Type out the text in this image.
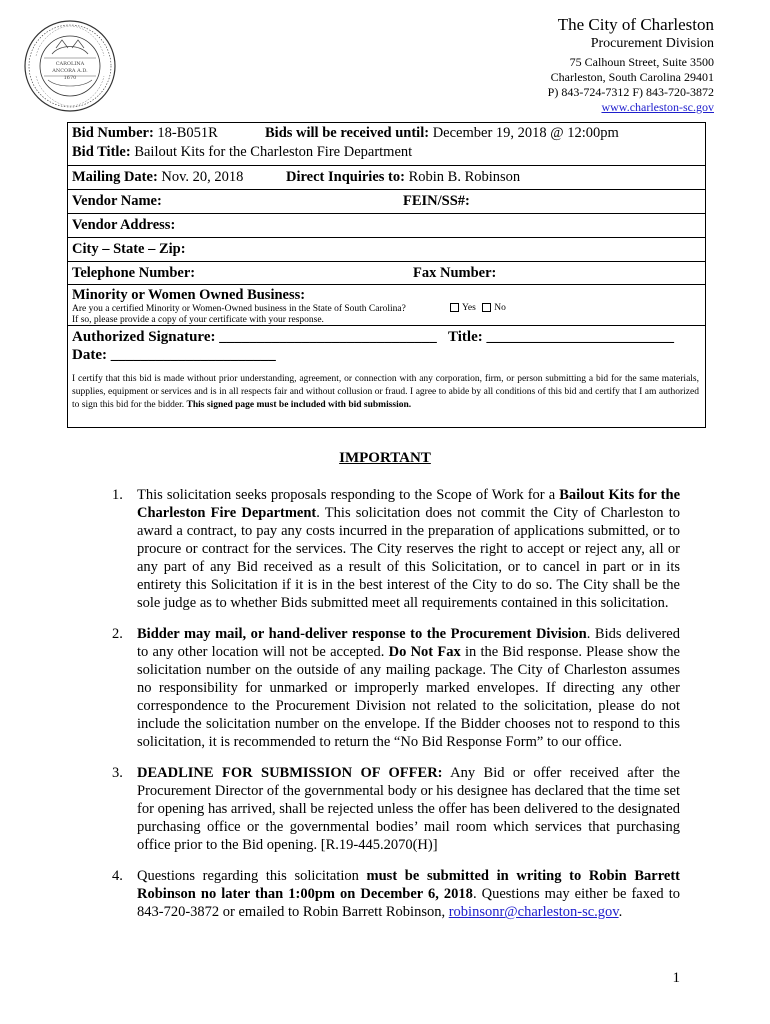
CAROLINA
ANCORA A.D.
1670
The City of Charleston
Procurement Division
75 Calhoun Street, Suite 3500
Charleston, South Carolina 29401
P) 843-724-7312 F) 843-720-3872
www.charleston-sc.gov
Bid Number: 18-B051R	Bids will be received until: December 19, 2018 @ 12:00pm
Bid Title: Bailout Kits for the Charleston Fire Department
Mailing Date: Nov. 20, 2018	Direct Inquiries to: Robin B. Robinson
Vendor Name:	FEIN/SS#:
Vendor Address:
City – State – Zip:
Telephone Number:	Fax Number:
Minority or Women Owned Business:
Are you a certified Minority or Women-Owned business in the State of South Carolina?
If so, please provide a copy of your certificate with your response.
Yes No
Authorized Signature: _____________________________ Title: _________________________
Date: ______________________
I certify that this bid is made without prior understanding, agreement, or connection with any corporation, firm, or person submitting a bid for the same materials, supplies, equipment or services and is in all respects fair and without collusion or fraud. I agree to abide by all conditions of this bid and certify that I am authorized to sign this bid for the bidder. This signed page must be included with bid submission.
IMPORTANT
1. This solicitation seeks proposals responding to the Scope of Work for a Bailout Kits for the Charleston Fire Department. This solicitation does not commit the City of Charleston to award a contract, to pay any costs incurred in the preparation of applications submitted, or to procure or contract for the services. The City reserves the right to accept or reject any, all or any part of any Bid received as a result of this Solicitation, or to cancel in part or in its entirety this Solicitation if it is in the best interest of the City to do so. The City shall be the sole judge as to whether Bids submitted meet all requirements contained in this solicitation.
2. Bidder may mail, or hand-deliver response to the Procurement Division. Bids delivered to any other location will not be accepted. Do Not Fax in the Bid response. Please show the solicitation number on the outside of any mailing package. The City of Charleston assumes no responsibility for unmarked or improperly marked envelopes. If directing any other correspondence to the Procurement Division not related to the solicitation, please do not include the solicitation number on the envelope. If the Bidder chooses not to respond to this solicitation, it is recommended to return the “No Bid Response Form” to our office.
3. DEADLINE FOR SUBMISSION OF OFFER: Any Bid or offer received after the Procurement Director of the governmental body or his designee has declared that the time set for opening has arrived, shall be rejected unless the offer has been delivered to the designated purchasing office or the governmental bodies’ mail room which services that purchasing office prior to the Bid opening. [R.19-445.2070(H)]
4. Questions regarding this solicitation must be submitted in writing to Robin Barrett Robinson no later than 1:00pm on December 6, 2018. Questions may either be faxed to 843-720-3872 or emailed to Robin Barrett Robinson, robinsonr@charleston-sc.gov.
1
